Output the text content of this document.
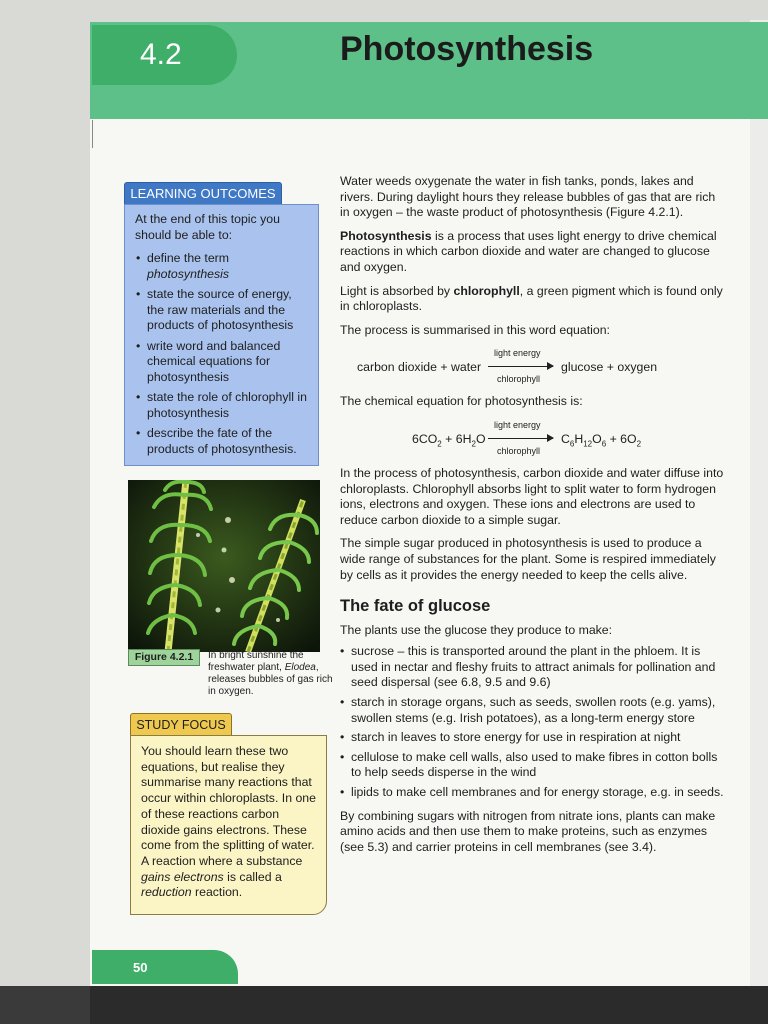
4.2	Photosynthesis
LEARNING OUTCOMES
At the end of this topic you should be able to:
• define the term photosynthesis
• state the source of energy, the raw materials and the products of photosynthesis
• write word and balanced chemical equations for photosynthesis
• state the role of chlorophyll in photosynthesis
• describe the fate of the products of photosynthesis.
Figure 4.2.1	In bright sunshine the freshwater plant, Elodea, releases bubbles of gas rich in oxygen.
STUDY FOCUS
You should learn these two equations, but realise they summarise many reactions that occur within chloroplasts. In one of these reactions carbon dioxide gains electrons. These come from the splitting of water. A reaction where a substance gains electrons is called a reduction reaction.

Water weeds oxygenate the water in fish tanks, ponds, lakes and rivers. During daylight hours they release bubbles of gas that are rich in oxygen – the waste product of photosynthesis (Figure 4.2.1).

Photosynthesis is a process that uses light energy to drive chemical reactions in which carbon dioxide and water are changed to glucose and oxygen.

Light is absorbed by chlorophyll, a green pigment which is found only in chloroplasts.

The process is summarised in this word equation:

carbon dioxide + water
light energy
chlorophyll
glucose + oxygen

The chemical equation for photosynthesis is:

$6CO_2 + 6H_2O$
light energy
chlorophyll
$C_6H_{12}O_6 + 6O_2$

In the process of photosynthesis, carbon dioxide and water diffuse into chloroplasts. Chlorophyll absorbs light to split water to form hydrogen ions, electrons and oxygen. These ions and electrons are used to reduce carbon dioxide to a simple sugar.

The simple sugar produced in photosynthesis is used to produce a wide range of substances for the plant. Some is respired immediately by cells as it provides the energy needed to keep the cells alive.

The fate of glucose

The plants use the glucose they produce to make:

• sucrose – this is transported around the plant in the phloem. It is used in nectar and fleshy fruits to attract animals for pollination and seed dispersal (see 6.8, 9.5 and 9.6)
• starch in storage organs, such as seeds, swollen roots (e.g. yams), swollen stems (e.g. Irish potatoes), as a long-term energy store
• starch in leaves to store energy for use in respiration at night
• cellulose to make cell walls, also used to make fibres in cotton bolls to help seeds disperse in the wind
• lipids to make cell membranes and for energy storage, e.g. in seeds.

By combining sugars with nitrogen from nitrate ions, plants can make amino acids and then use them to make proteins, such as enzymes (see 5.3) and carrier proteins in cell membranes (see 3.4).

50
